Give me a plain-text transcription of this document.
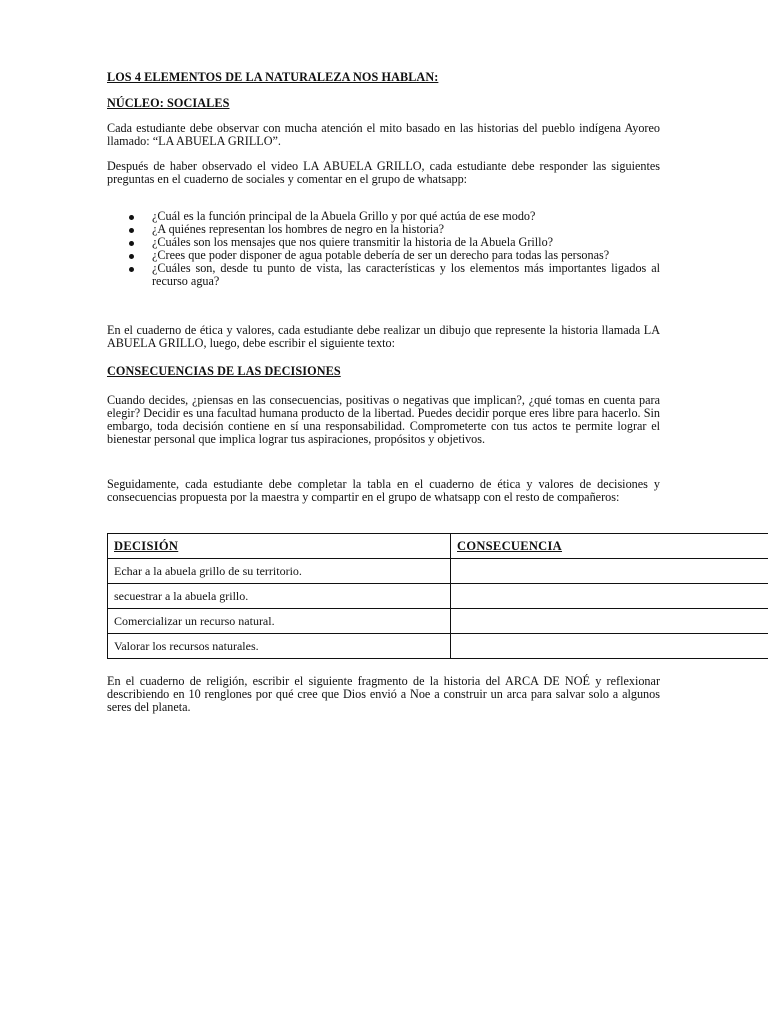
LOS 4 ELEMENTOS DE LA NATURALEZA NOS HABLAN:
NÚCLEO: SOCIALES
Cada estudiante debe observar con mucha atención el mito basado en las historias del pueblo indígena Ayoreo llamado: “LA ABUELA GRILLO”.
Después de haber observado el video LA ABUELA GRILLO, cada estudiante debe responder las siguientes preguntas en el cuaderno de sociales y comentar en el grupo de whatsapp:
¿Cuál es la función principal de la Abuela Grillo y por qué actúa de ese modo?
¿A quiénes representan los hombres de negro en la historia?
¿Cuáles son los mensajes que nos quiere transmitir la historia de la Abuela Grillo?
¿Crees que poder disponer de agua potable debería de ser un derecho para todas las personas?
¿Cuáles son, desde tu punto de vista, las características y los elementos más importantes ligados al recurso agua?
En el cuaderno de ética y valores, cada estudiante debe realizar un dibujo que represente la historia llamada LA ABUELA GRILLO, luego, debe escribir el siguiente texto:
CONSECUENCIAS DE LAS DECISIONES
Cuando decides, ¿piensas en las consecuencias, positivas o negativas que implican?, ¿qué tomas en cuenta para elegir? Decidir es una facultad humana producto de la libertad. Puedes decidir porque eres libre para hacerlo. Sin embargo, toda decisión contiene en sí una responsabilidad. Comprometerte con tus actos te permite lograr el bienestar personal que implica lograr tus aspiraciones, propósitos y objetivos.
Seguidamente, cada estudiante debe completar la tabla en el cuaderno de ética y valores de decisiones y consecuencias propuesta por la maestra y compartir en el grupo de whatsapp con el resto de compañeros:
DECISIÓN	CONSECUENCIA
Echar a la abuela grillo de su territorio.	
secuestrar a la abuela grillo.	
Comercializar un recurso natural.	
Valorar los recursos naturales.	
En el cuaderno de religión, escribir el siguiente fragmento de la historia del ARCA DE NOÉ y reflexionar describiendo en 10 renglones por qué cree que Dios envió a Noe a construir un arca para salvar solo a algunos seres del planeta.
